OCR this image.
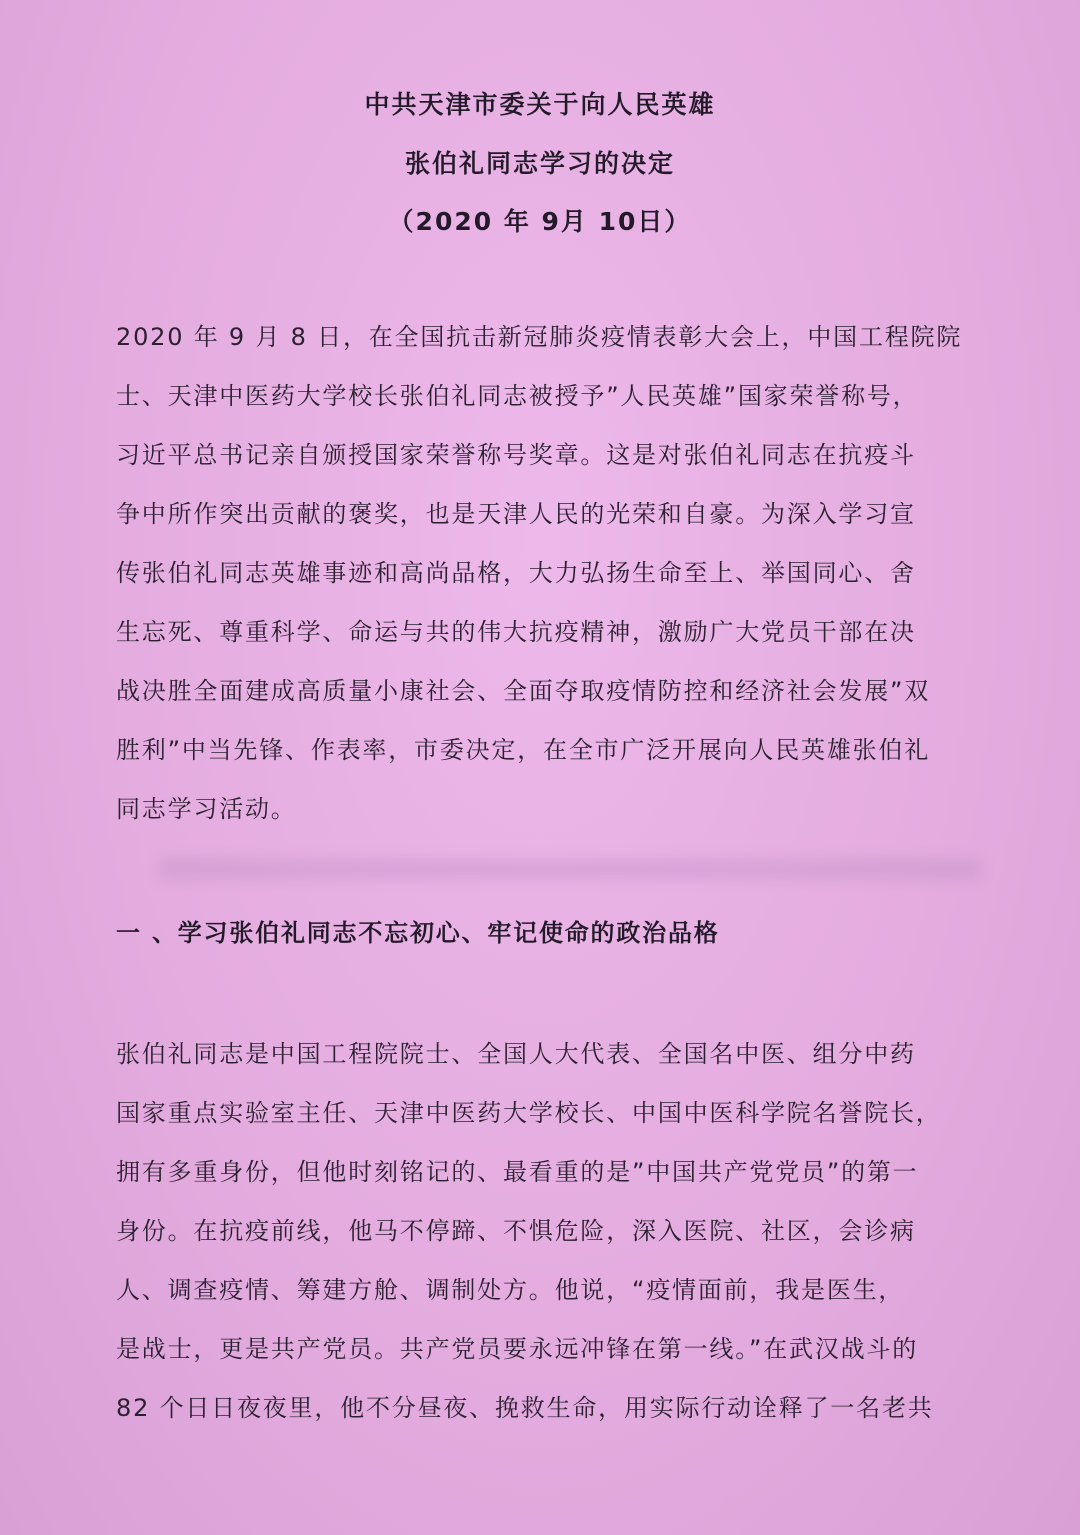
中共天津市委关于向人民英雄
张伯礼同志学习的决定
（2020 年 9月 10日）
2020 年 9 月 8 日，在全国抗击新冠肺炎疫情表彰大会上，中国工程院院
士、天津中医药大学校长张伯礼同志被授予”人民英雄”国家荣誉称号，
习近平总书记亲自颁授国家荣誉称号奖章。这是对张伯礼同志在抗疫斗
争中所作突出贡献的褒奖，也是天津人民的光荣和自豪。为深入学习宣
传张伯礼同志英雄事迹和高尚品格，大力弘扬生命至上、举国同心、舍
生忘死、尊重科学、命运与共的伟大抗疫精神，激励广大党员干部在决
战决胜全面建成高质量小康社会、全面夺取疫情防控和经济社会发展”双
胜利”中当先锋、作表率，市委决定，在全市广泛开展向人民英雄张伯礼
同志学习活动。
一 、学习张伯礼同志不忘初心、牢记使命的政治品格
张伯礼同志是中国工程院院士、全国人大代表、全国名中医、组分中药
国家重点实验室主任、天津中医药大学校长、中国中医科学院名誉院长，
拥有多重身份，但他时刻铭记的、最看重的是”中国共产党党员”的第一
身份。在抗疫前线，他马不停蹄、不惧危险，深入医院、社区，会诊病
人、调查疫情、筹建方舱、调制处方。他说，“疫情面前，我是医生，
是战士，更是共产党员。共产党员要永远冲锋在第一线。”在武汉战斗的
82 个日日夜夜里，他不分昼夜、挽救生命，用实际行动诠释了一名老共
